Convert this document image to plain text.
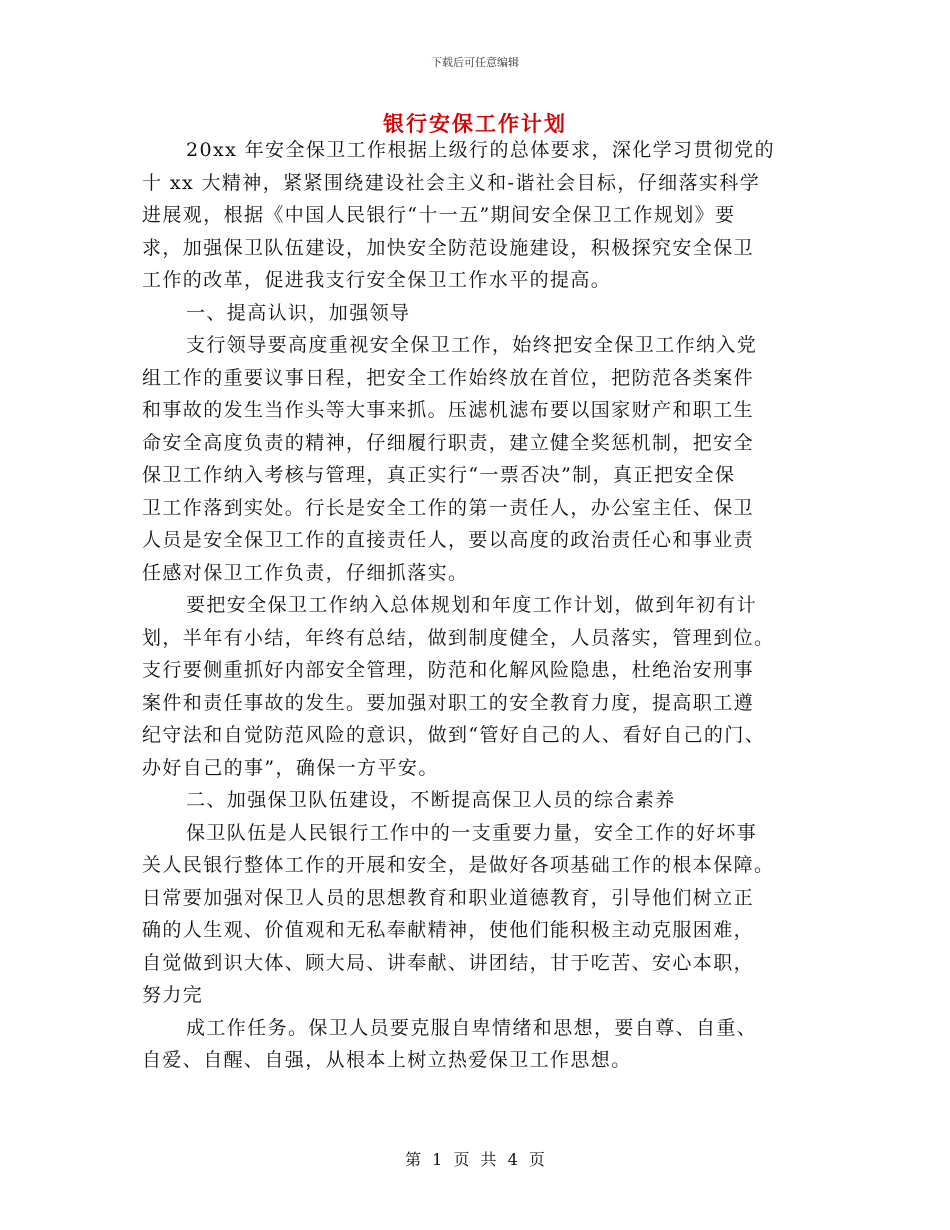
下载后可任意编辑
银行安保工作计划
20xx 年安全保卫工作根据上级行的总体要求，深化学习贯彻党的
十 xx 大精神，紧紧围绕建设社会主义和-谐社会目标，仔细落实科学
进展观，根据《中国人民银行“十一五”期间安全保卫工作规划》要
求，加强保卫队伍建设，加快安全防范设施建设，积极探究安全保卫
工作的改革，促进我支行安全保卫工作水平的提高。
一、提高认识，加强领导
支行领导要高度重视安全保卫工作，始终把安全保卫工作纳入党
组工作的重要议事日程，把安全工作始终放在首位，把防范各类案件
和事故的发生当作头等大事来抓。压滤机滤布要以国家财产和职工生
命安全高度负责的精神，仔细履行职责，建立健全奖惩机制，把安全
保卫工作纳入考核与管理，真正实行“一票否决”制，真正把安全保
卫工作落到实处。行长是安全工作的第一责任人，办公室主任、保卫
人员是安全保卫工作的直接责任人，要以高度的政治责任心和事业责
任感对保卫工作负责，仔细抓落实。
要把安全保卫工作纳入总体规划和年度工作计划，做到年初有计
划，半年有小结，年终有总结，做到制度健全，人员落实，管理到位。
支行要侧重抓好内部安全管理，防范和化解风险隐患，杜绝治安刑事
案件和责任事故的发生。要加强对职工的安全教育力度，提高职工遵
纪守法和自觉防范风险的意识，做到“管好自己的人、看好自己的门、
办好自己的事”，确保一方平安。
二、加强保卫队伍建设，不断提高保卫人员的综合素养
保卫队伍是人民银行工作中的一支重要力量，安全工作的好坏事
关人民银行整体工作的开展和安全，是做好各项基础工作的根本保障。
日常要加强对保卫人员的思想教育和职业道德教育，引导他们树立正
确的人生观、价值观和无私奉献精神，使他们能积极主动克服困难，
自觉做到识大体、顾大局、讲奉献、讲团结，甘于吃苦、安心本职，
努力完
成工作任务。保卫人员要克服自卑情绪和思想，要自尊、自重、
自爱、自醒、自强，从根本上树立热爱保卫工作思想。
第 1 页 共 4 页
